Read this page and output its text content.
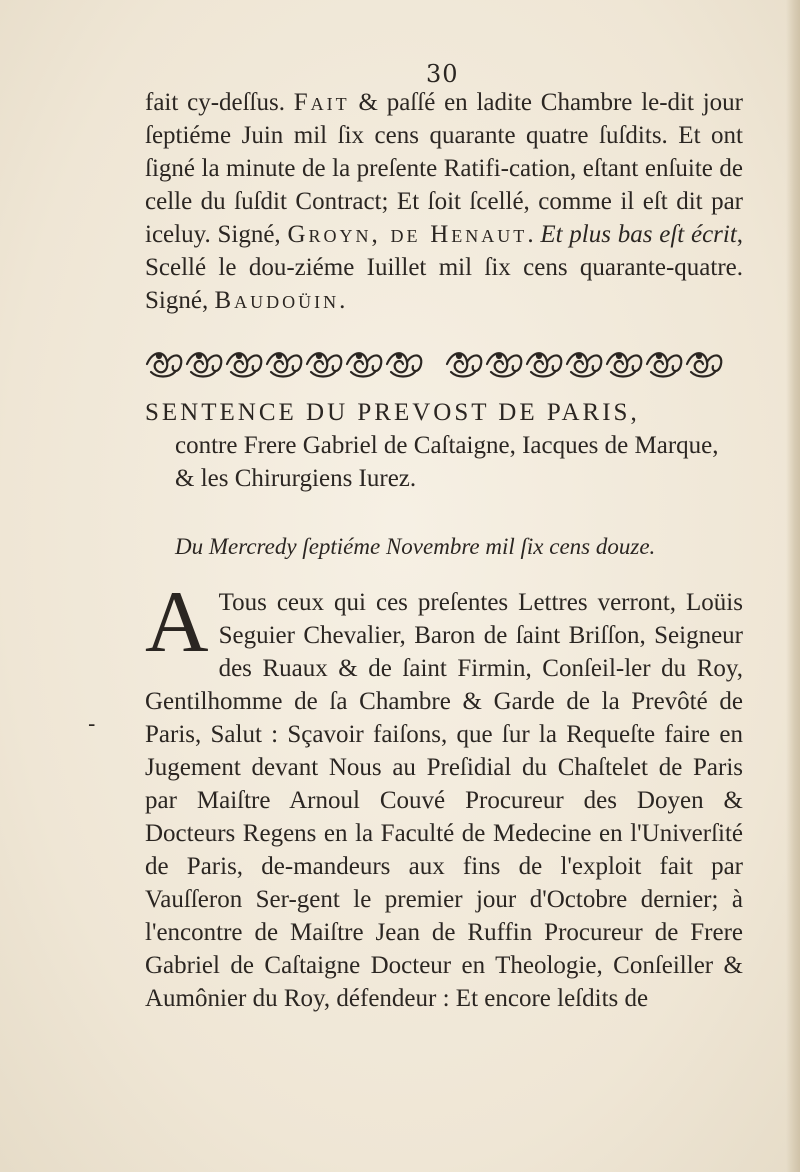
30

fait cy-deſſus. Fait & paſſé en ladite Chambre le-dit jour ſeptiéme Juin mil ſix cens quarante quatre ſuſdits. Et ont ſigné la minute de la preſente Ratifi-cation, eſtant enſuite de celle du ſuſdit Contract; Et ſoit ſcellé, comme il eſt dit par iceluy. Signé, Groyn, de Henaut. Et plus bas eſt écrit, Scellé le dou-ziéme Iuillet mil ſix cens quarante-quatre. Signé, Baudoüin.

SENTENCE DU PREVOST DE PARIS,
contre Frere Gabriel de Caſtaigne, Iacques de Marque, & les Chirurgiens Iurez.
Du Mercredy ſeptiéme Novembre mil ſix cens douze.

A Tous ceux qui ces preſentes Lettres verront, Loüis Seguier Chevalier, Baron de ſaint Briſſon, Seigneur des Ruaux & de ſaint Firmin, Conſeil-ler du Roy, Gentilhomme de ſa Chambre & Garde de la Prevôté de Paris, Salut : Sçavoir faiſons, que ſur la Requeſte faire en Jugement devant Nous au Preſidial du Chaſtelet de Paris par Maiſtre Arnoul Couvé Procureur des Doyen & Docteurs Regens en la Faculté de Medecine en l'Univerſité de Paris, de-mandeurs aux fins de l'exploit fait par Vauſſeron Ser-gent le premier jour d'Octobre dernier; à l'encontre de Maiſtre Jean de Ruffin Procureur de Frere Gabriel de Caſtaigne Docteur en Theologie, Conſeiller & Aumônier du Roy, défendeur : Et encore leſdits de

-
